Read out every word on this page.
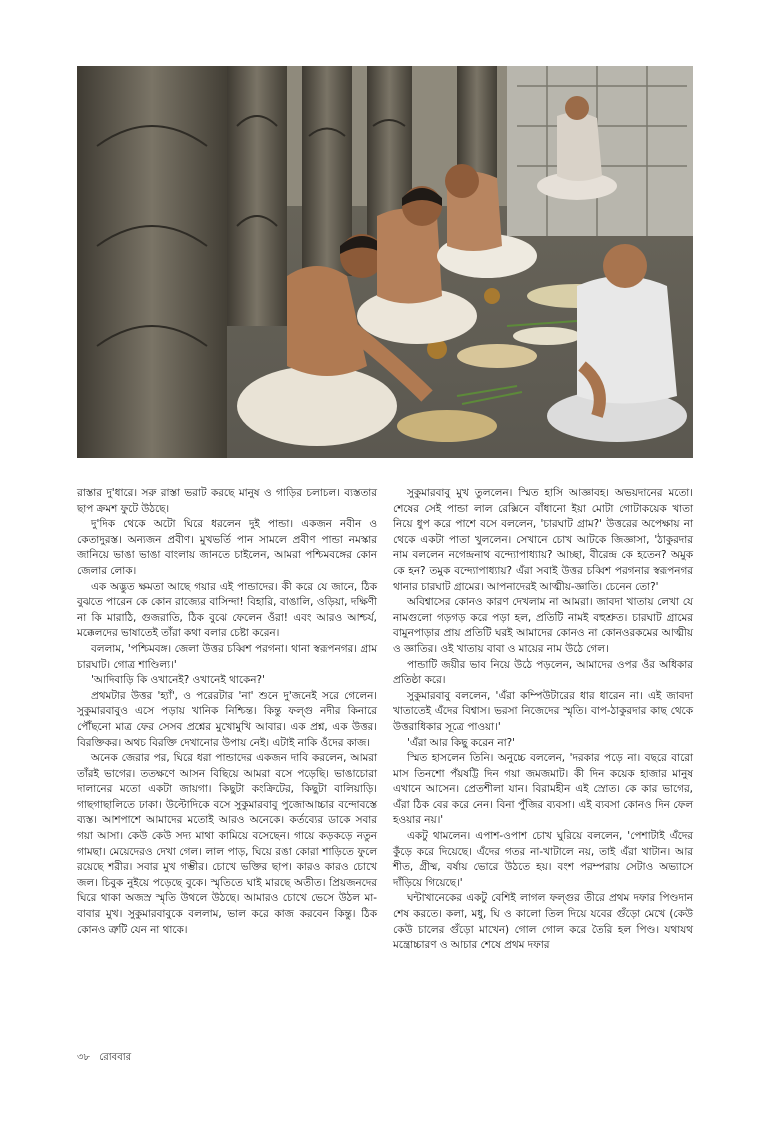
রাস্তার দু'ধারে। সরু রাস্তা ভরাট করছে মানুষ ও গাড়ির চলাচল। ব্যস্ততার ছাপ ক্রমশ ফুটে উঠছে।

দু'দিক থেকে অটো ঘিরে ধরলেন দুই পান্ডা। একজন নবীন ও কেতাদুরস্ত। অন্যজন প্রবীণ। মুখভর্তি পান সামলে প্রবীণ পান্ডা নমস্কার জানিয়ে ভাঙা ভাঙা বাংলায় জানতে চাইলেন, আমরা পশ্চিমবঙ্গের কোন জেলার লোক।

এক অদ্ভুত ক্ষমতা আছে গয়ার এই পান্ডাদের। কী করে যে জানে, ঠিক বুঝতে পারেন কে কোন রাজ্যের বাসিন্দা! বিহারি, বাঙালি, ওড়িয়া, দক্ষিণী না কি মারাঠি, গুজরাতি, ঠিক বুঝে ফেলেন ওঁরা! এবং আরও আশ্চর্য, মক্কেলদের ভাষাতেই তাঁরা কথা বলার চেষ্টা করেন।

বললাম, 'পশ্চিমবঙ্গ। জেলা উত্তর চব্বিশ পরগনা। থানা স্বরূপনগর। গ্রাম চারঘাট। গোত্র শাণ্ডিল্য।'

'আদিবাড়ি কি ওখানেই? ওখানেই থাকেন?'

প্রথমটার উত্তর 'হ্যাঁ', ও পরেরটার 'না' শুনে দু'জনেই সরে গেলেন। সুকুমারবাবুও এসে পড়ায় খানিক নিশ্চিন্ত। কিন্তু ফল্গু নদীর কিনারে পৌঁছনো মাত্র ফের সেসব প্রশ্নের মুখোমুখি আবার। এক প্রশ্ন, এক উত্তর। বিরক্তিকর। অথচ বিরক্তি দেখানোর উপায় নেই। এটাই নাকি ওঁদের কাজ।

অনেক জেরার পর, ঘিরে ধরা পান্ডাদের একজন দাবি করলেন, আমরা তাঁরই ভাগের। ততক্ষণে আসন বিছিয়ে আমরা বসে পড়েছি। ভাঙাচোরা দালানের মতো একটা জায়গা। কিছুটা কংক্রিটের, কিছুটা বালিয়াড়ি। গাছগাছালিতে ঢাকা। উল্টোদিকে বসে সুকুমারবাবু পুজোআচ্চার বন্দোবস্তে ব্যস্ত। আশপাশে আমাদের মতোই আরও অনেকে। কর্তব্যের ডাকে সবার গয়া আসা। কেউ কেউ সদ্য মাথা কামিয়ে বসেছেন। গায়ে কড়কড়ে নতুন গামছা। মেয়েদেরও দেখা গেল। লাল পাড়, ঘিয়ে রঙা কোরা শাড়িতে ফুলে রয়েছে শরীর। সবার মুখ গম্ভীর। চোখে ভক্তির ছাপ। কারও কারও চোখে জল। চিবুক নুইয়ে পড়েছে বুকে। স্মৃতিতে ঘাই মারছে অতীত। প্রিয়জনদের ঘিরে থাকা অজস্র স্মৃতি উথলে উঠছে। আমারও চোখে ভেসে উঠল মা-বাবার মুখ। সুকুমারবাবুকে বললাম, ভাল করে কাজ করবেন কিন্তু। ঠিক কোনও ত্রুটি যেন না থাকে।

সুকুমারবাবু মুখ তুললেন। স্মিত হাসি আজ্ঞাবহ। অভয়দানের মতো। শেষের সেই পান্ডা লাল রেক্সিনে বাঁধানো ইয়া মোটা গোটাকয়েক খাতা নিয়ে ধুপ করে পাশে বসে বললেন, 'চারঘাট গ্রাম?' উত্তরের অপেক্ষায় না থেকে একটা পাতা খুললেন। সেখানে চোখ আটকে জিজ্ঞাসা, 'ঠাকুরদার নাম বললেন নগেন্দ্রনাথ বন্দ্যোপাধ্যায়? আচ্ছা, বীরেন্দ্র কে হতেন? অমুক কে হন? তমুক বন্দ্যোপাধ্যায়? এঁরা সবাই উত্তর চব্বিশ পরগনার স্বরূপনগর থানার চারঘাট গ্রামের। আপনাদেরই আত্মীয়-জ্ঞাতি। চেনেন তো?'

অবিশ্বাসের কোনও কারণ দেখলাম না আমরা। জাবদা খাতায় লেখা যে নামগুলো গড়গড় করে পড়া হল, প্রতিটি নামই বহুশ্রুত। চারঘাট গ্রামের বামুনপাড়ার প্রায় প্রতিটি ঘরই আমাদের কোনও না কোনওরকমের আত্মীয় ও জ্ঞাতির। ওই খাতায় বাবা ও মায়ের নাম উঠে গেল।

পান্ডাটি জয়ীর ভাব নিয়ে উঠে পড়লেন, আমাদের ওপর ওঁর অধিকার প্রতিষ্ঠা করে।

সুকুমারবাবু বললেন, 'এঁরা কম্পিউটারের ধার ধারেন না। এই জাবদা খাতাতেই এঁদের বিশ্বাস। ভরসা নিজেদের স্মৃতি। বাপ-ঠাকুরদার কাছ থেকে উত্তরাধিকার সূত্রে পাওয়া।'

'এঁরা আর কিছু করেন না?'

স্মিত হাসলেন তিনি। অনুচ্চে বললেন, 'দরকার পড়ে না। বছরে বারো মাস তিনশো পঁয়ষট্টি দিন গয়া জমজমাট। কী দিন কয়েক হাজার মানুষ এখানে আসেন। প্রেতশীলা যান। বিরামহীন এই স্রোত। কে কার ভাগের, এঁরা ঠিক বের করে নেন। বিনা পুঁজির ব্যবসা। এই ব্যবসা কোনও দিন ফেল হওয়ার নয়।'

একটু থামলেন। এপাশ-ওপাশ চোখ ঘুরিয়ে বললেন, 'পেশাটাই এঁদের কুঁড়ে করে দিয়েছে। এঁদের গতর না-খাটালে নয়, তাই এঁরা খাটান। আর শীত, গ্রীষ্ম, বর্ষায় ভোরে উঠতে হয়। বংশ পরম্পরায় সেটাও অভ্যাসে দাঁড়িয়ে গিয়েছে।'

ঘন্টাখানেকের একটু বেশিই লাগল ফল্গুর তীরে প্রথম দফার পিণ্ডদান শেষ করতে। কলা, মধু, ঘি ও কালো তিল দিয়ে যবের গুঁড়ো মেখে (কেউ কেউ চালের গুঁড়ো মাখেন) গোল গোল করে তৈরি হল পিণ্ড। যথাযথ মন্ত্রোচ্চারণ ও আচার শেষে প্রথম দফার

৩৮ রোববার
